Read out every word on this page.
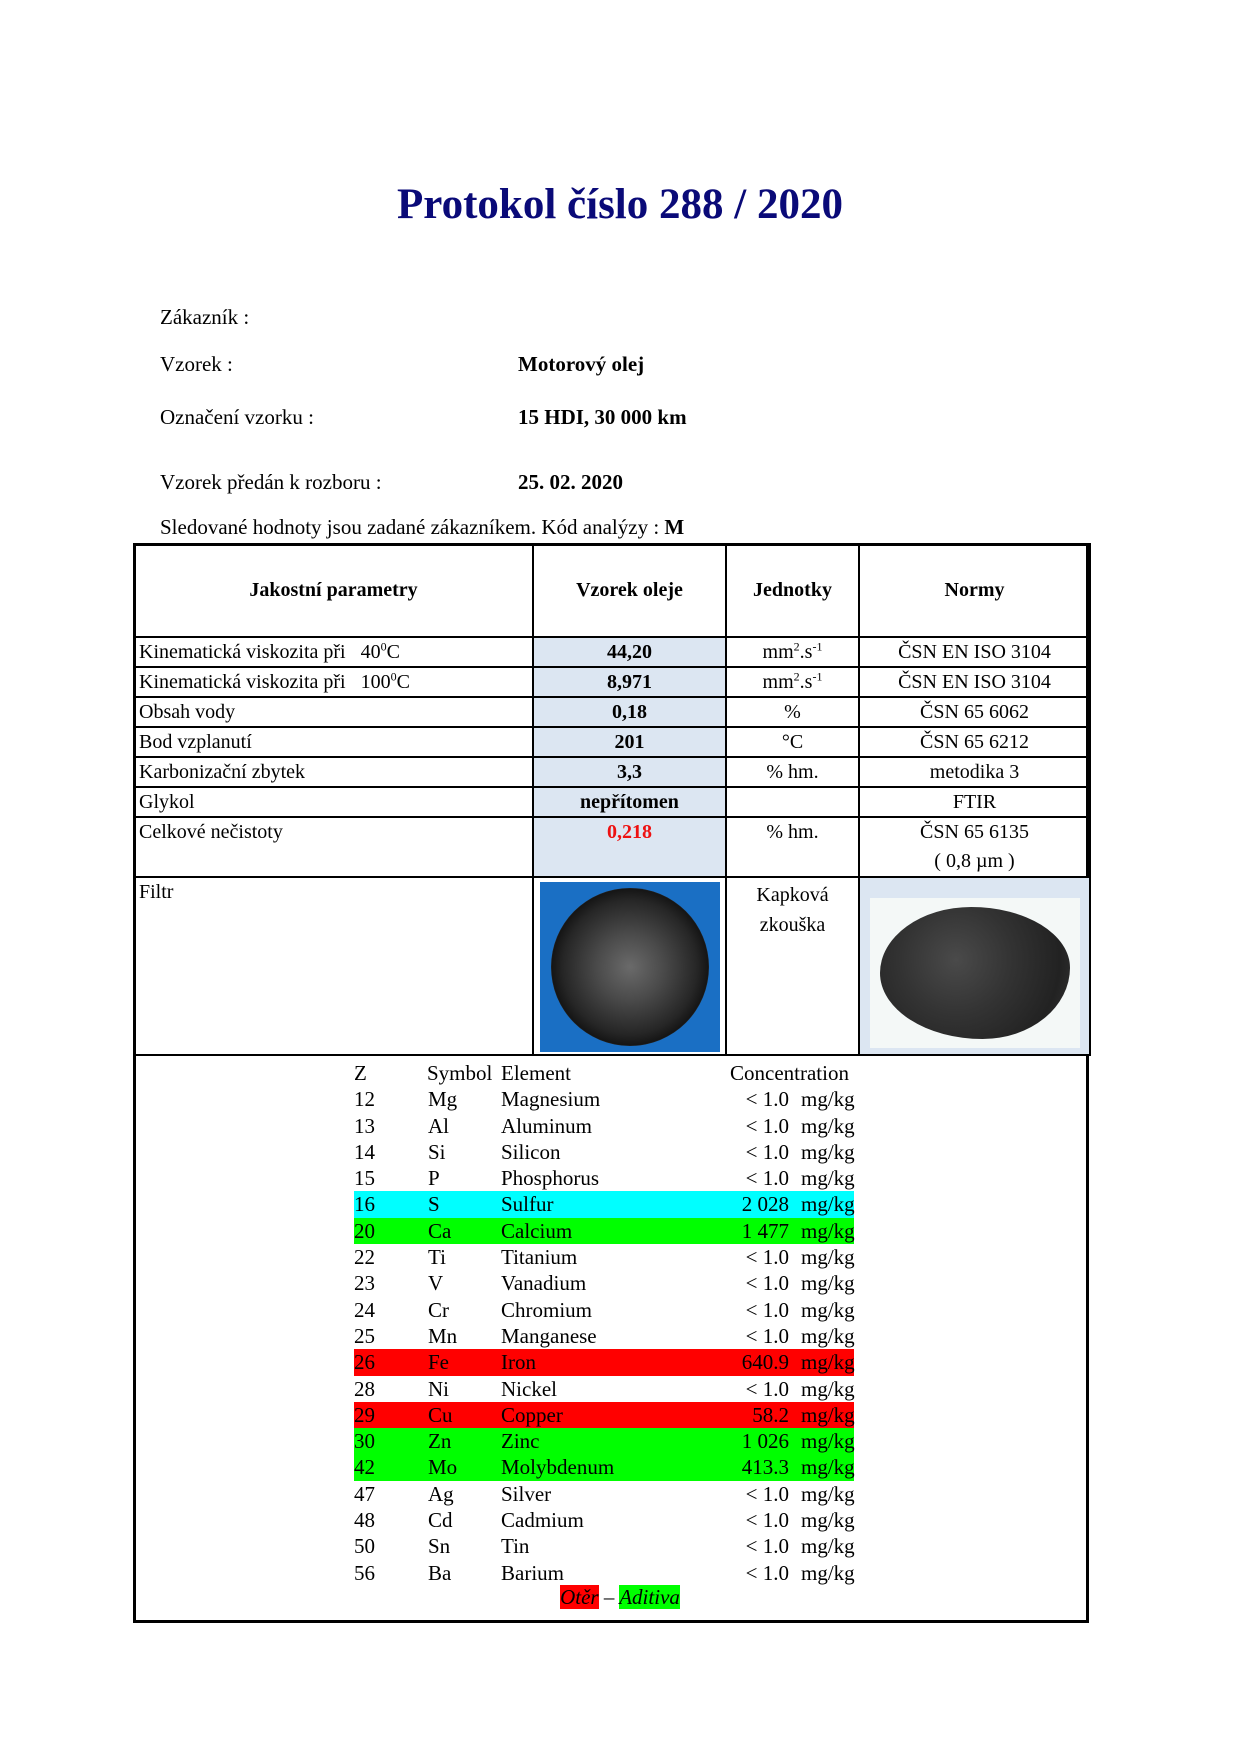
Protokol číslo 288 / 2020
Zákazník :
Vzorek :	Motorový olej
Označení vzorku :	15 HDI, 30 000 km
Vzorek předán k rozboru :	25. 02. 2020
Sledované hodnoty jsou zadané zákazníkem. Kód analýzy : M
Jakostní parametry	Vzorek oleje	Jednotky	Normy
Kinematická viskozita při $40^0C$	44,20	$mm^2.s^{-1}$	ČSN EN ISO 3104
Kinematická viskozita při $100^0C$	8,971	$mm^2.s^{-1}$	ČSN EN ISO 3104
Obsah vody	0,18	%	ČSN 65 6062
Bod vzplanutí	201	°C	ČSN 65 6212
Karbonizační zbytek	3,3	% hm.	metodika 3
Glykol	nepřítomen		FTIR
Celkové nečistoty	0,218	% hm.	ČSN 65 6135
( 0,8 µm )

Filtr		Kapková
zkouška	

Z	Symbol Element	Concentration
12	Mg Magnesium	< 1.0 mg/kg
13	Al Aluminum	< 1.0 mg/kg
14	Si	Silicon	< 1.0 mg/kg
15	P	Phosphorus	< 1.0 mg/kg
16	S	Sulfur	2 028 mg/kg
20	Ca Calcium	1 477 mg/kg
22	Ti	Titanium	< 1.0 mg/kg
23	V	Vanadium	< 1.0 mg/kg
24	Cr Chromium	< 1.0 mg/kg
25	Mn Manganese	< 1.0 mg/kg
26	Fe Iron	640.9 mg/kg
28	Ni Nickel	< 1.0 mg/kg
29	Cu Copper	58.2 mg/kg
30	Zn Zinc	1 026 mg/kg
42	Mo Molybdenum	413.3 mg/kg
47	Ag Silver	< 1.0 mg/kg
48	Cd Cadmium	< 1.0 mg/kg
50	Sn Tin	< 1.0 mg/kg
56	Ba Barium	< 1.0 mg/kg
Otěr – Aditiva
